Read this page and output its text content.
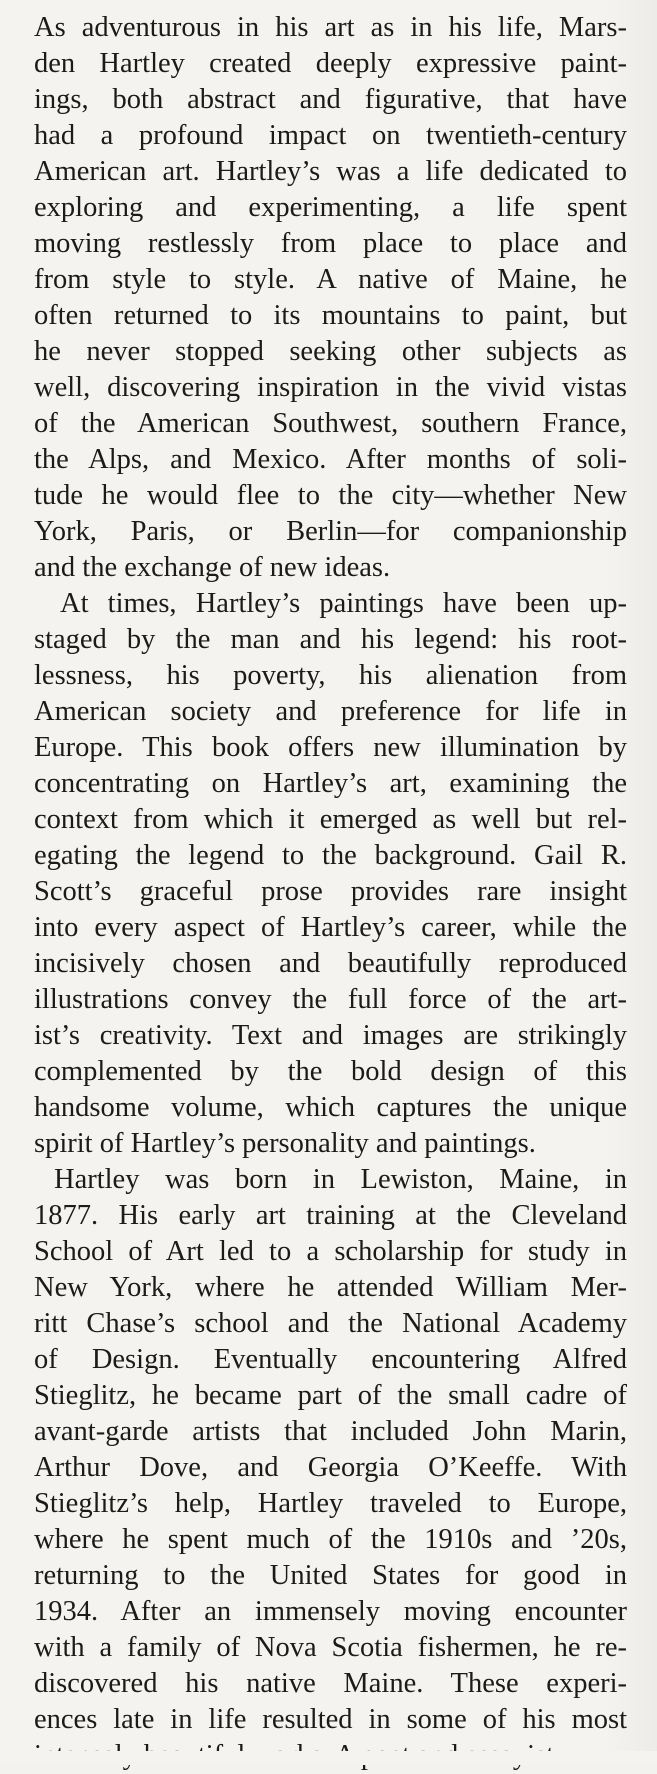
As adventurous in his art as in his life, Mars-
den Hartley created deeply expressive paint-
ings, both abstract and figurative, that have
had a profound impact on twentieth-century
American art. Hartley’s was a life dedicated to
exploring and experimenting, a life spent
moving restlessly from place to place and
from style to style. A native of Maine, he
often returned to its mountains to paint, but
he never stopped seeking other subjects as
well, discovering inspiration in the vivid vistas
of the American Southwest, southern France,
the Alps, and Mexico. After months of soli-
tude he would flee to the city—whether New
York, Paris, or Berlin—for companionship
and the exchange of new ideas.
At times, Hartley’s paintings have been up-
staged by the man and his legend: his root-
lessness, his poverty, his alienation from
American society and preference for life in
Europe. This book offers new illumination by
concentrating on Hartley’s art, examining the
context from which it emerged as well but rel-
egating the legend to the background. Gail R.
Scott’s graceful prose provides rare insight
into every aspect of Hartley’s career, while the
incisively chosen and beautifully reproduced
illustrations convey the full force of the art-
ist’s creativity. Text and images are strikingly
complemented by the bold design of this
handsome volume, which captures the unique
spirit of Hartley’s personality and paintings.
Hartley was born in Lewiston, Maine, in
1877. His early art training at the Cleveland
School of Art led to a scholarship for study in
New York, where he attended William Mer-
ritt Chase’s school and the National Academy
of Design. Eventually encountering Alfred
Stieglitz, he became part of the small cadre of
avant-garde artists that included John Marin,
Arthur Dove, and Georgia O’Keeffe. With
Stieglitz’s help, Hartley traveled to Europe,
where he spent much of the 1910s and ’20s,
returning to the United States for good in
1934. After an immensely moving encounter
with a family of Nova Scotia fishermen, he re-
discovered his native Maine. These experi-
ences late in life resulted in some of his most
